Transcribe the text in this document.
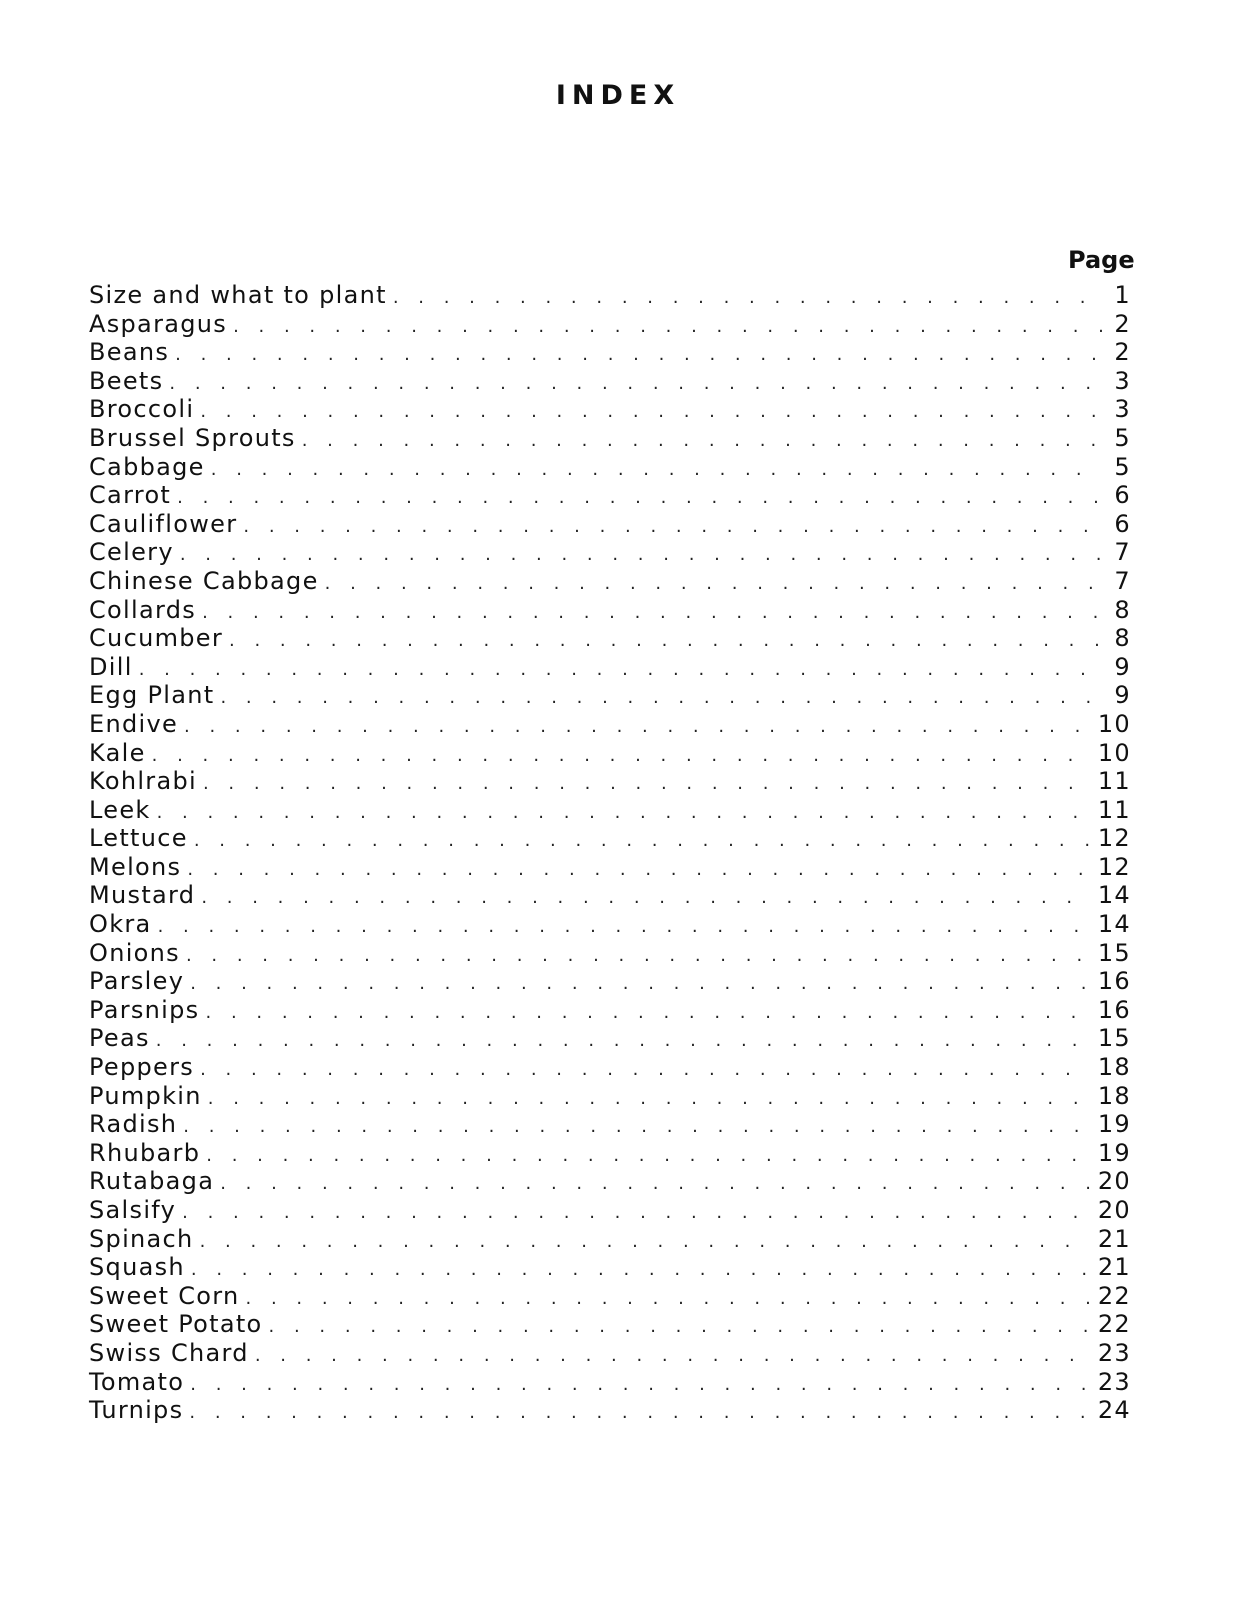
INDEX
Page
Size and what to plant . . .	1
Asparagus . . .	2
Beans . . .	2
Beets . . .	3
Broccoli . . .	3
Brussel Sprouts . . .	5
Cabbage . . .	5
Carrot . . .	6
Cauliflower . . .	6
Celery . . .	7
Chinese Cabbage . . .	7
Collards . . .	8
Cucumber . . .	8
Dill . . .	9
Egg Plant . . .	9
Endive . . .	10
Kale . . .	10
Kohlrabi . . .	11
Leek . . .	11
Lettuce . . .	12
Melons . . .	12
Mustard . . .	14
Okra . . .	14
Onions . . .	15
Parsley . . .	16
Parsnips . . .	16
Peas . . .	15
Peppers . . .	18
Pumpkin . . .	18
Radish . . .	19
Rhubarb . . .	19
Rutabaga . . .	20
Salsify . . .	20
Spinach . . .	21
Squash . . .	21
Sweet Corn . . .	22
Sweet Potato . . .	22
Swiss Chard . . .	23
Tomato . . .	23
Turnips . . .	24
